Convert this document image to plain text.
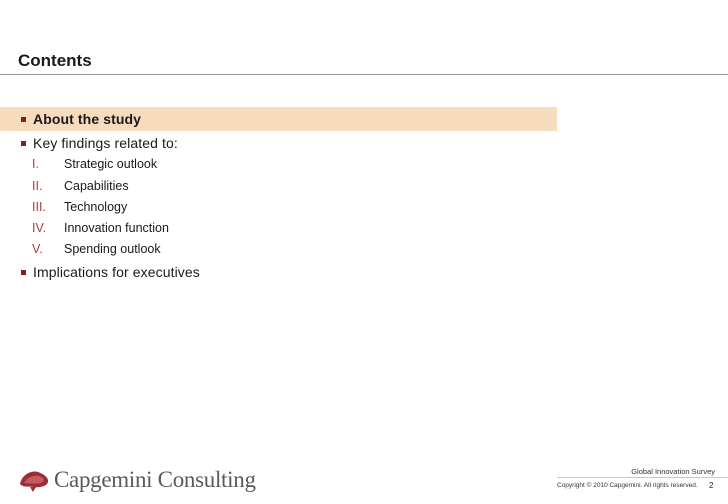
Contents
About the study
Key findings related to:
I.	Strategic outlook
II.	Capabilities
III.	Technology
IV.	Innovation function
V.	Spending outlook
Implications for executives
Capgemini Consulting	Global Innovation Survey
Copyright © 2010 Capgemini. All rights reserved. 2
